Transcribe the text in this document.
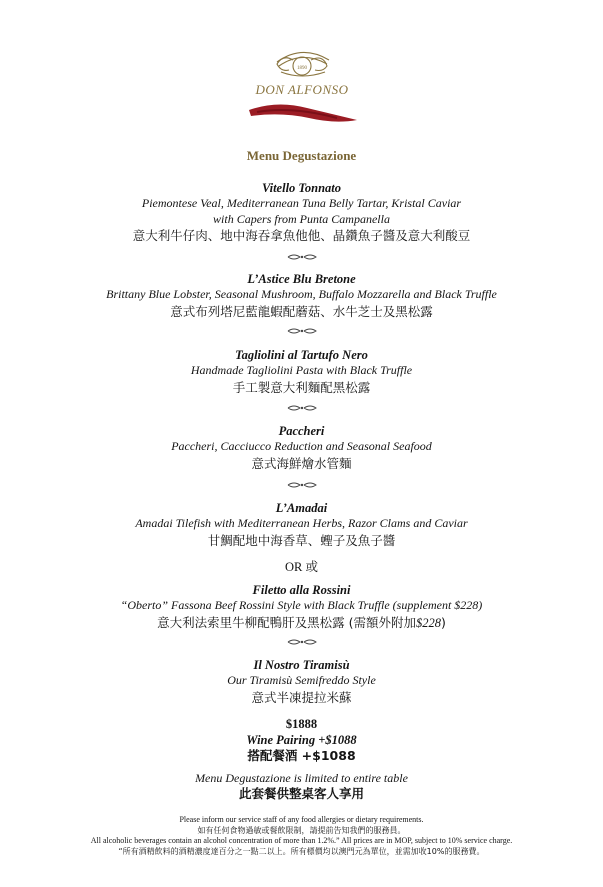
1890
DON ALFONSO
Menu Degustazione
Vitello Tonnato
Piemontese Veal, Mediterranean Tuna Belly Tartar, Kristal Caviar
with Capers from Punta Campanella
意大利牛仔肉、地中海吞拿魚他他、晶鑽魚子醬及意大利酸豆
L’Astice Blu Bretone
Brittany Blue Lobster, Seasonal Mushroom, Buffalo Mozzarella and Black Truffle
意式布列塔尼藍龍蝦配蘑菇、水牛芝士及黑松露
Tagliolini al Tartufo Nero
Handmade Tagliolini Pasta with Black Truffle
手工製意大利麵配黑松露
Paccheri
Paccheri, Cacciucco Reduction and Seasonal Seafood
意式海鮮燴水管麵
L’Amadai
Amadai Tilefish with Mediterranean Herbs, Razor Clams and Caviar
甘鯛配地中海香草、蟶子及魚子醬
OR 或
Filetto alla Rossini
“Oberto” Fassona Beef Rossini Style with Black Truffle (supplement $228)
意大利法索里牛柳配鴨肝及黑松露 (需額外附加$228)
Il Nostro Tiramisù
Our Tiramisù Semifreddo Style
意式半凍提拉米蘇
$1888
Wine Pairing +$1088
搭配餐酒 +$1088
Menu Degustazione is limited to entire table
此套餐供整桌客人享用
Please inform our service staff of any food allergies or dietary requirements.
如有任何食物過敏或餐飲限制，請提前告知我們的服務員。
All alcoholic beverages contain an alcohol concentration of more than 1.2%.” All prices are in MOP, subject to 10% service charge.
“所有酒精飲料的酒精濃度達百分之一點二以上。所有標價均以澳門元為單位，並需加收10%的服務費。
